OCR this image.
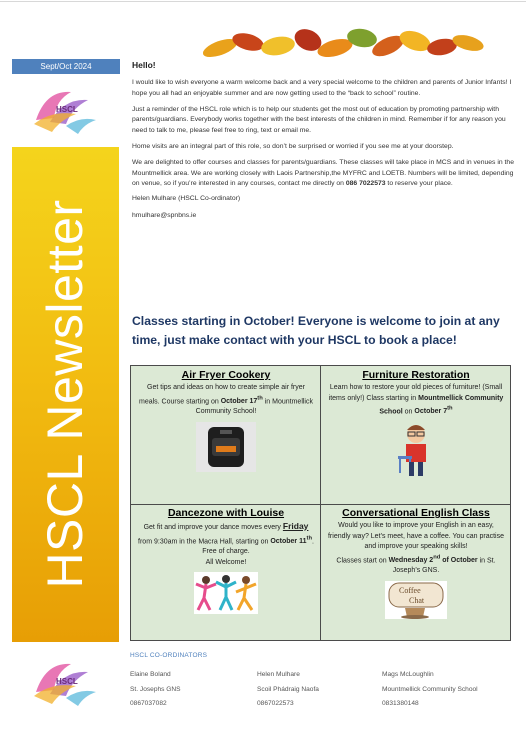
Sept/Oct 2024
HSCL
HSCL Newsletter
Hello!

I would like to wish everyone a warm welcome back and a very special welcome to the children and parents of Junior Infants! I hope you all had an enjoyable summer and are now getting used to the “back to school” routine.

Just a reminder of the HSCL role which is to help our students get the most out of education by promoting partnership with parents/guardians. Everybody works together with the best interests of the children in mind. Remember if for any reason you need to talk to me, please feel free to ring, text or email me.

Home visits are an integral part of this role, so don’t be surprised or worried if you see me at your doorstep.

We are delighted to offer courses and classes for parents/guardians. These classes will take place in MCS and in venues in the Mountmellick area. We are working closely with Laois Partnership,the MYFRC and LOETB. Numbers will be limited, depending on venue, so if you’re interested in any courses, contact me directly on 086 7022573 to reserve your place.

Helen Mulhare (HSCL Co-ordinator)

hmulhare@spnbns.ie

Classes starting in October! Everyone is welcome to join at any time, just make contact with your HSCL to book a place!
Air Fryer Cookery
Get tips and ideas on how to create simple air fryer meals. Course starting on October 17th in Mountmellick Community School!
Furniture Restoration
Learn how to restore your old pieces of furniture! (Small items only!) Class starting in Mountmellick Community School on October 7th
Dancezone with Louise
Get fit and improve your dance moves every Friday from 9:30am in the Macra Hall, starting on October 11th.
Free of charge.
All Welcome!
Conversational English Class
Would you like to improve your English in an easy, friendly way? Let’s meet, have a coffee. You can practise and improve your speaking skills!
Classes start on Wednesday 2nd of October in St. Joseph’s GNS.
Coffee
Chat
HSCL
HSCL CO-ORDINATORS
Elaine Boland
St. Josephs GNS
0867037082
Helen Mulhare
Scoil Phádraig Naofa
0867022573
Mags McLoughlin
Mountmellick Community School
0831380148
